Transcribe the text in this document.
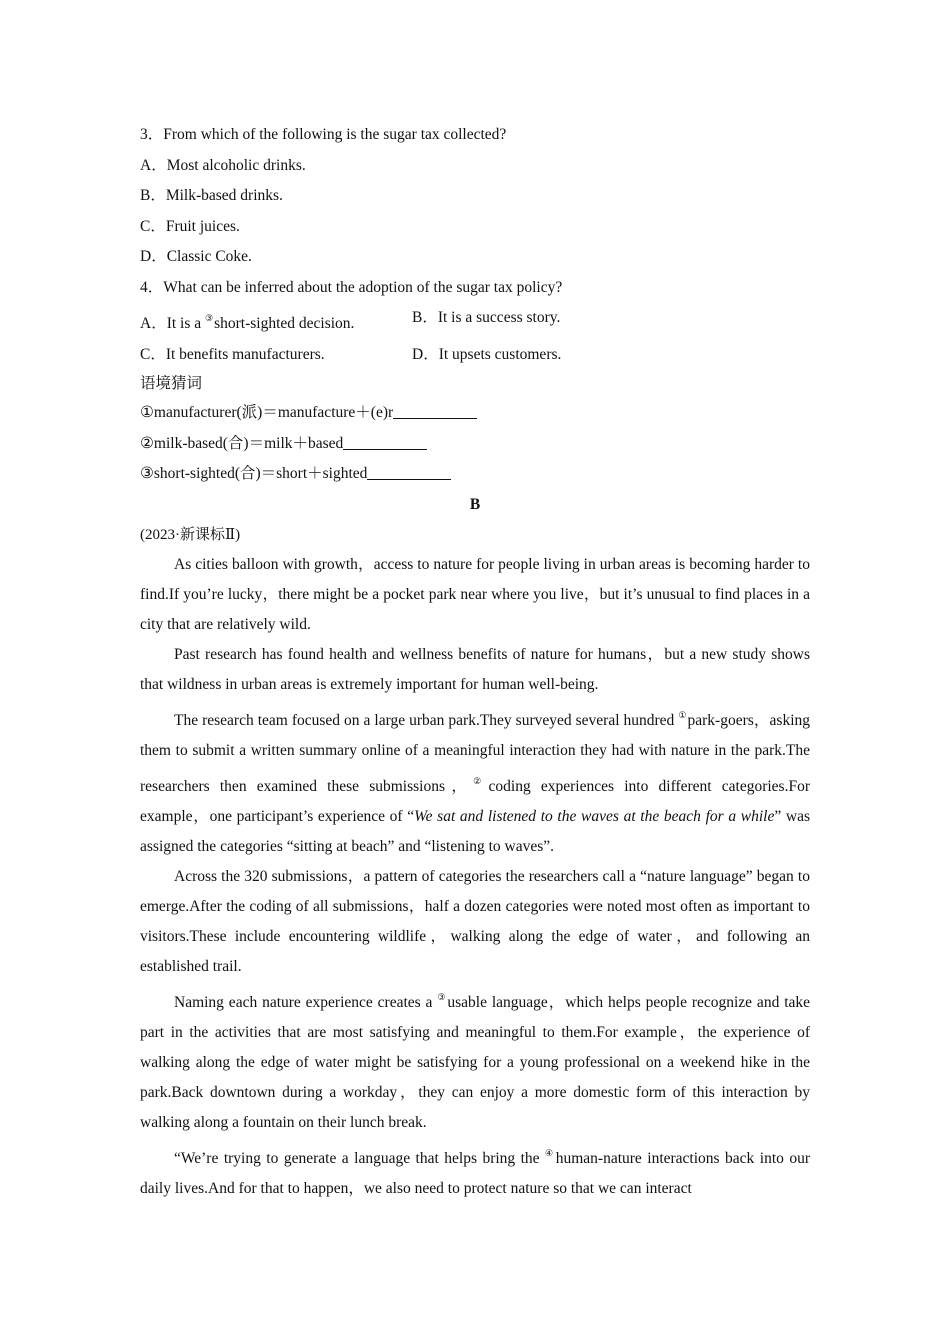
3．From which of the following is the sugar tax collected?

A．Most alcoholic drinks.

B．Milk-based drinks.

C．Fruit juices.

D．Classic Coke.

4．What can be inferred about the adoption of the sugar tax policy?

A．It is a ③short-sighted decision.	B．It is a success story.
C．It benefits manufacturers.	D．It upsets customers.

语境猜词

①manufacturer(派)＝manufacture＋(e)r

②milk-based(合)＝milk＋based

③short-sighted(合)＝short＋sighted

B

(2023·新课标Ⅱ)

As cities balloon with growth，access to nature for people living in urban areas is becoming harder to find.If you’re lucky，there might be a pocket park near where you live，but it’s unusual to find places in a city that are relatively wild.

Past research has found health and wellness benefits of nature for humans，but a new study shows that wildness in urban areas is extremely important for human well-being.

The research team focused on a large urban park.They surveyed several hundred ①park-goers，asking them to submit a written summary online of a meaningful interaction they had with nature in the park.The researchers then examined these submissions，②coding experiences into different categories.For example，one participant’s experience of “We sat and listened to the waves at the beach for a while” was assigned the categories “sitting at beach” and “listening to waves”.

Across the 320 submissions，a pattern of categories the researchers call a “nature language” began to emerge.After the coding of all submissions，half a dozen categories were noted most often as important to visitors.These include encountering wildlife，walking along the edge of water，and following an established trail.

Naming each nature experience creates a ③usable language，which helps people recognize and take part in the activities that are most satisfying and meaningful to them.For example，the experience of walking along the edge of water might be satisfying for a young professional on a weekend hike in the park.Back downtown during a workday，they can enjoy a more domestic form of this interaction by walking along a fountain on their lunch break.

“We’re trying to generate a language that helps bring the ④human-nature interactions back into our daily lives.And for that to happen，we also need to protect nature so that we can interact
